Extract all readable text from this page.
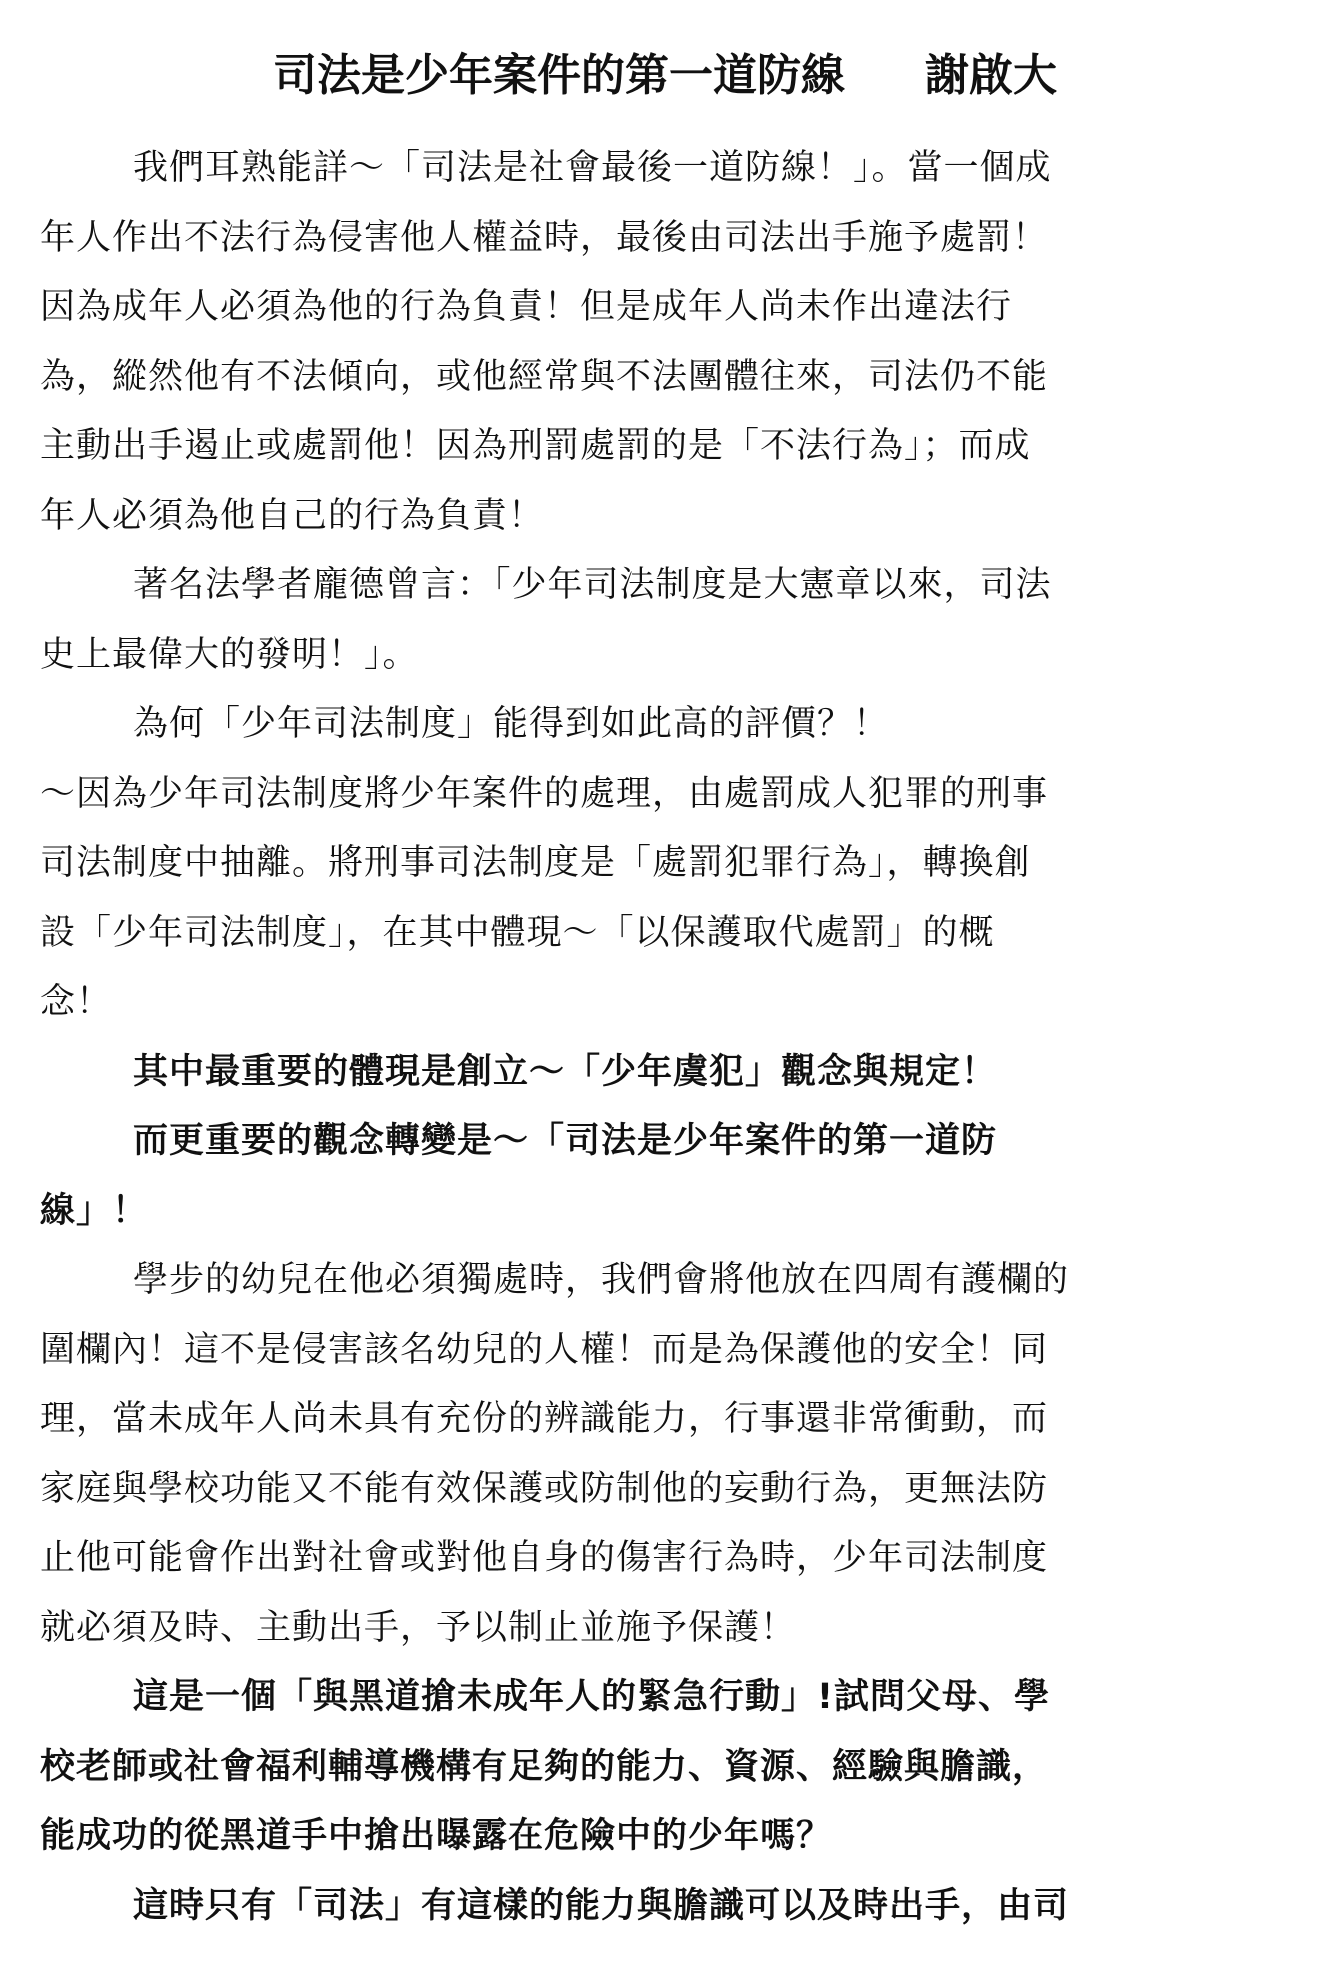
司法是少年案件的第一道防線 謝啟大
我們耳熟能詳～「司法是社會最後一道防線！」。當一個成
年人作出不法行為侵害他人權益時，最後由司法出手施予處罰！
因為成年人必須為他的行為負責！但是成年人尚未作出違法行
為，縱然他有不法傾向，或他經常與不法團體往來，司法仍不能
主動出手遏止或處罰他！因為刑罰處罰的是「不法行為」；而成
年人必須為他自己的行為負責！
著名法學者龐德曾言：「少年司法制度是大憲章以來，司法
史上最偉大的發明！」。
為何「少年司法制度」能得到如此高的評價？！
～因為少年司法制度將少年案件的處理，由處罰成人犯罪的刑事
司法制度中抽離。將刑事司法制度是「處罰犯罪行為」，轉換創
設「少年司法制度」，在其中體現～「以保護取代處罰」的概
念！
其中最重要的體現是創立～「少年虞犯」觀念與規定！
而更重要的觀念轉變是～「司法是少年案件的第一道防
線」！
學步的幼兒在他必須獨處時，我們會將他放在四周有護欄的
圍欄內！這不是侵害該名幼兒的人權！而是為保護他的安全！同
理，當未成年人尚未具有充份的辨識能力，行事還非常衝動，而
家庭與學校功能又不能有效保護或防制他的妄動行為，更無法防
止他可能會作出對社會或對他自身的傷害行為時，少年司法制度
就必須及時、主動出手，予以制止並施予保護！
這是一個「與黑道搶未成年人的緊急行動」!試問父母、學
校老師或社會福利輔導機構有足夠的能力、資源、經驗與膽識，
能成功的從黑道手中搶出曝露在危險中的少年嗎？
這時只有「司法」有這樣的能力與膽識可以及時出手，由司
